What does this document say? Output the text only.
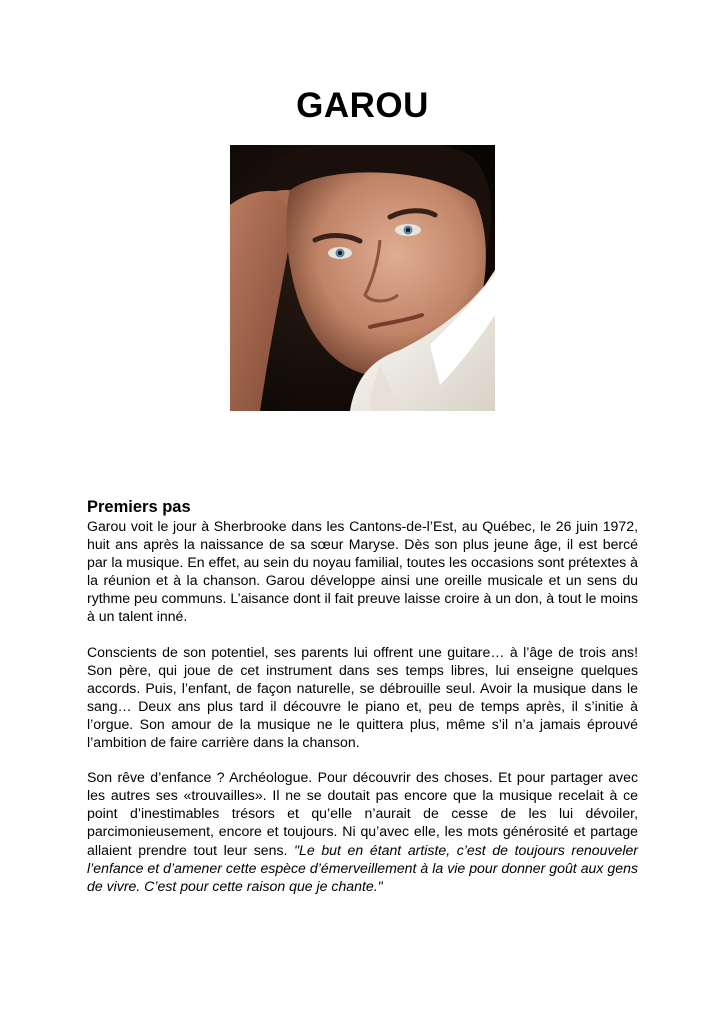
GAROU
Premiers pas

Garou voit le jour à Sherbrooke dans les Cantons-de-l’Est, au Québec, le 26 juin 1972, huit ans après la naissance de sa sœur Maryse. Dès son plus jeune âge, il est bercé par la musique. En effet, au sein du noyau familial, toutes les occasions sont prétextes à la réunion et à la chanson. Garou développe ainsi une oreille musicale et un sens du rythme peu communs. L’aisance dont il fait preuve laisse croire à un don, à tout le moins à un talent inné.

Conscients de son potentiel, ses parents lui offrent une guitare… à l’âge de trois ans! Son père, qui joue de cet instrument dans ses temps libres, lui enseigne quelques accords. Puis, l’enfant, de façon naturelle, se débrouille seul. Avoir la musique dans le sang… Deux ans plus tard il découvre le piano et, peu de temps après, il s’initie à l’orgue. Son amour de la musique ne le quittera plus, même s’il n’a jamais éprouvé l’ambition de faire carrière dans la chanson.

Son rêve d’enfance ? Archéologue. Pour découvrir des choses. Et pour partager avec les autres ses «trouvailles». Il ne se doutait pas encore que la musique recelait à ce point d’inestimables trésors et qu’elle n’aurait de cesse de les lui dévoiler, parcimonieusement, encore et toujours. Ni qu’avec elle, les mots générosité et partage allaient prendre tout leur sens. "Le but en étant artiste, c’est de toujours renouveler l’enfance et d’amener cette espèce d’émerveillement à la vie pour donner goût aux gens de vivre. C’est pour cette raison que je chante."
